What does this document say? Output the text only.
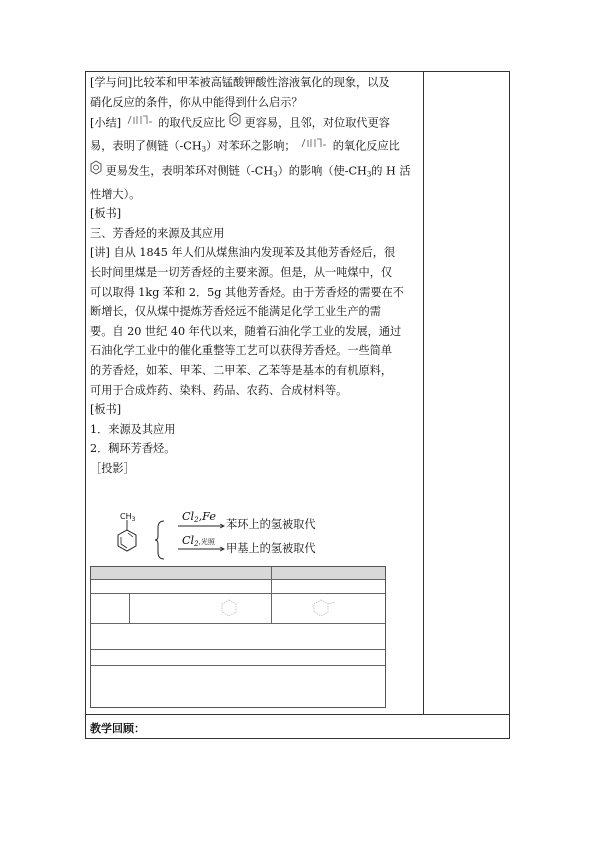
[学与问]比较苯和甲苯被高锰酸钾酸性溶液氧化的现象，以及

硝化反应的条件，你从中能得到什么启示？

[小结]	的取代反应比 更容易，且邻，对位取代更容

易，表明了侧链$(-CH_3)$对苯环之影响；	的氧化反应比

更易发生，表明苯环对侧链$(-CH_3)$的影响（使$-CH_3$的 H 活

性增大）。

[板书]

三、芳香烃的来源及其应用

[讲] 自从 1845 年人们从煤焦油内发现苯及其他芳香烃后，很

长时间里煤是一切芳香烃的主要来源。但是，从一吨煤中，仅

可以取得 1kg 苯和 2．5g 其他芳香烃。由于芳香烃的需要在不

断增长，仅从煤中提炼芳香烃远不能满足化学工业生产的需

要。自 20 世纪 40 年代以来，随着石油化学工业的发展，通过

石油化学工业中的催化重整等工艺可以获得芳香烃。一些简单

的芳香烃，如苯、甲苯、二甲苯、乙苯等是基本的有机原料，

可用于合成炸药、染料、药品、农药、合成材料等。

[板书]

1．来源及其应用

2．稠环芳香烃。

［投影］

$CH_3$	Cl2,Fe
苯环上的氢被取代
Cl2,光照 甲基上的氢被取代
教学回顾：
